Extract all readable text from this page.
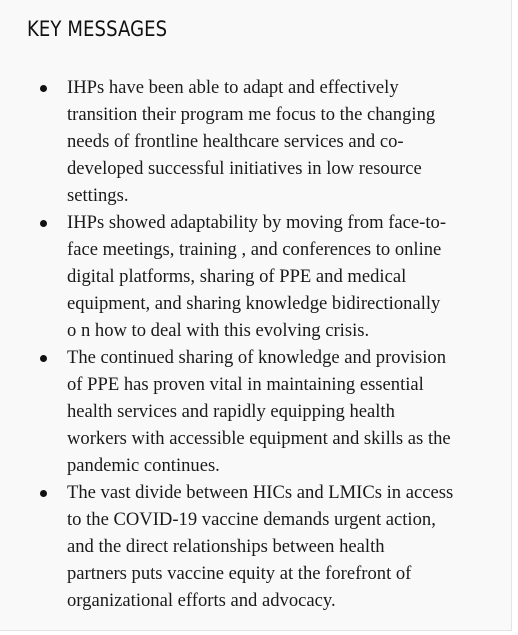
KEY MESSAGES
IHPs have been able to adapt and effectively
transition their program me focus to the changing
needs of frontline healthcare services and co-
developed successful initiatives in low resource
settings.
IHPs showed adaptability by moving from face-to-
face meetings, training , and conferences to online
digital platforms, sharing of PPE and medical
equipment, and sharing knowledge bidirectionally
o n how to deal with this evolving crisis.
The continued sharing of knowledge and provision
of PPE has proven vital in maintaining essential
health services and rapidly equipping health
workers with accessible equipment and skills as the
pandemic continues.
The vast divide between HICs and LMICs in access
to the COVID-19 vaccine demands urgent action,
and the direct relationships between health
partners puts vaccine equity at the forefront of
organizational efforts and advocacy.
